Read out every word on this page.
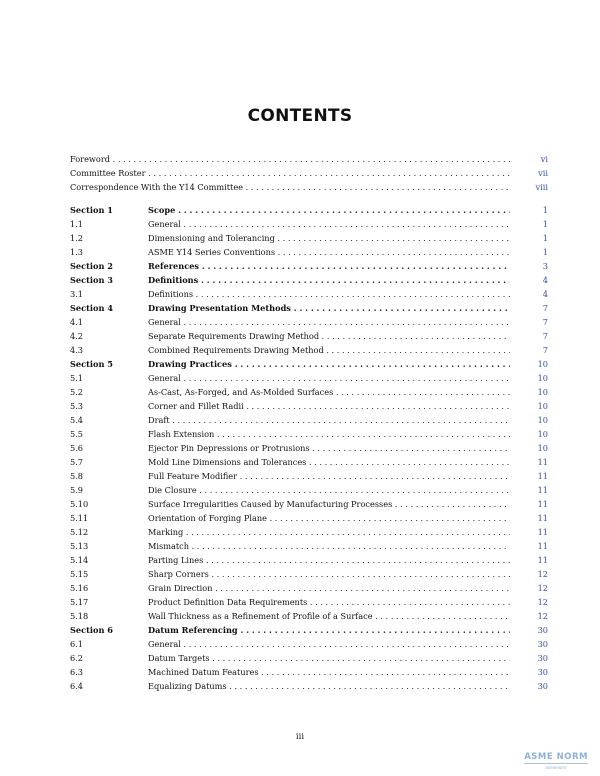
CONTENTS
Foreword . . .	vi
Committee Roster . . .	vii
Correspondence With the Y14 Committee . . .	viii
Section 1	Scope . . .	1
1.1	General . . .	1
1.2	Dimensioning and Tolerancing . . .	1
1.3	ASME Y14 Series Conventions . . .	1
Section 2	References . . .	3
Section 3	Definitions . . .	4
3.1	Definitions . . .	4
Section 4	Drawing Presentation Methods . . .	7
4.1	General . . .	7
4.2	Separate Requirements Drawing Method . . .	7
4.3	Combined Requirements Drawing Method . . .	7
Section 5	Drawing Practices . . .	10
5.1	General . . .	10
5.2	As-Cast, As-Forged, and As-Molded Surfaces . . .	10
5.3	Corner and Fillet Radii . . .	10
5.4	Draft . . .	10
5.5	Flash Extension . . .	10
5.6	Ejector Pin Depressions or Protrusions . . .	10
5.7	Mold Line Dimensions and Tolerances . . .	11
5.8	Full Feature Modifier . . .	11
5.9	Die Closure . . .	11
5.10	Surface Irregularities Caused by Manufacturing Processes . . .	11
5.11	Orientation of Forging Plane . . .	11
5.12	Marking . . .	11
5.13	Mismatch . . .	11
5.14	Parting Lines . . .	11
5.15	Sharp Corners . . .	12
5.16	Grain Direction . . .	12
5.17	Product Definition Data Requirements . . .	12
5.18	Wall Thickness as a Refinement of Profile of a Surface . . .	12
Section 6	Datum Referencing . . .	30
6.1	General . . .	30
6.2	Datum Targets . . .	30
6.3	Machined Datum Features . . .	30
6.4	Equalizing Datums . . .	30
iii
ASME NORM
asmenorm
